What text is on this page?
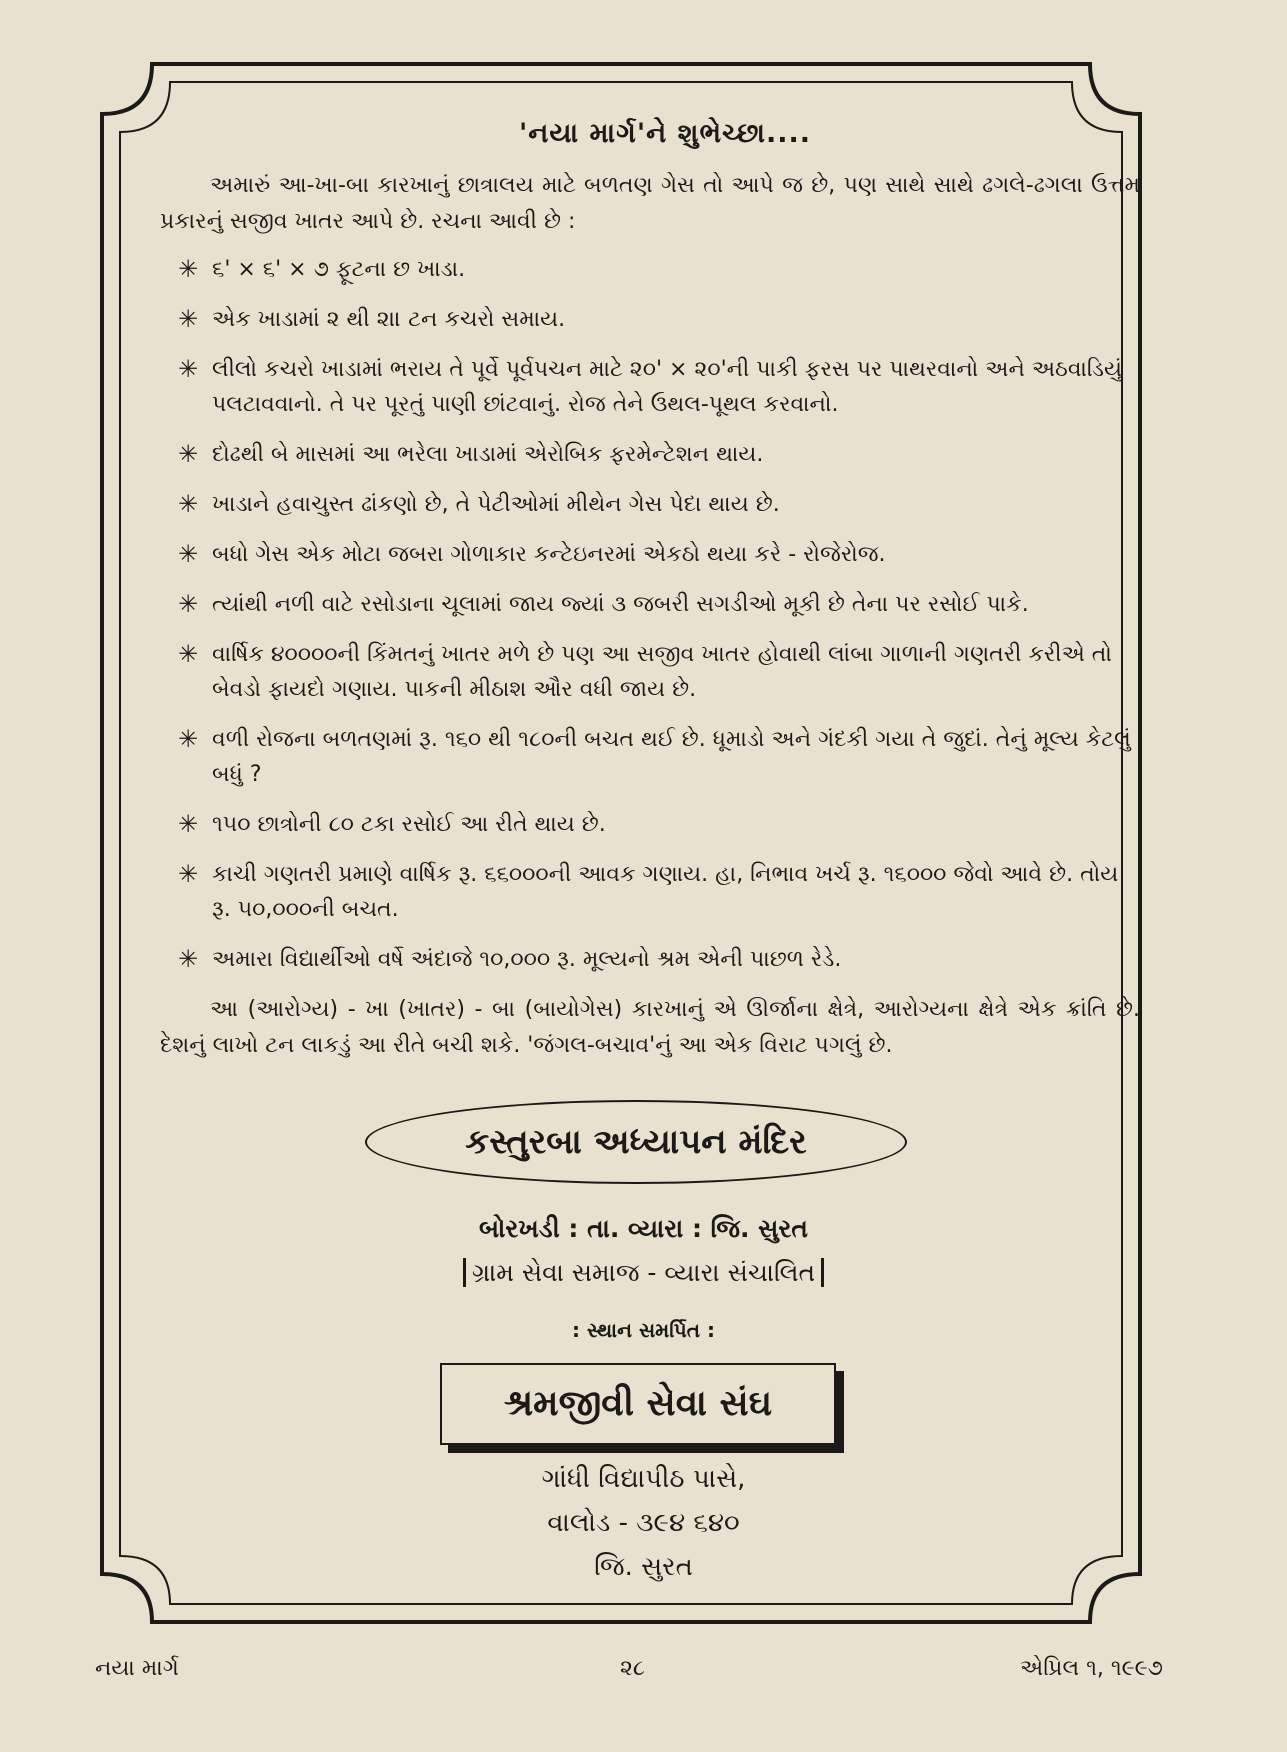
'નયા માર્ગ'ને શુભેચ્છા....

અમારું આ-ખા-બા કારખાનું છાત્રાલય માટે બળતણ ગેસ તો આપે જ છે, પણ સાથે સાથે ઢગલે-ઢગલા ઉત્તમ પ્રકારનું સજીવ ખાતર આપે છે. રચના આવી છે :

✳ ૬' × ૬' × ૭ ફૂટના છ ખાડા.
✳ એક ખાડામાં ૨ થી ૨॥ ટન કચરો સમાય.
✳ લીલો કચરો ખાડામાં ભરાય તે પૂર્વે પૂર્વપચન માટે ૨૦' × ૨૦'ની પાકી ફરસ પર પાથરવાનો અને અઠવાડિયું પલટાવવાનો. તે પર પૂરતું પાણી છાંટવાનું. રોજ તેને ઉથલ-પૂથલ કરવાનો.
✳ દોઢથી બે માસમાં આ ભરેલા ખાડામાં એરોબિક ફરમેન્ટેશન થાય.
✳ ખાડાને હવાચુસ્ત ઢાંકણો છે, તે પેટીઓમાં મીથેન ગેસ પેદા થાય છે.
✳ બધો ગેસ એક મોટા જબરા ગોળાકાર કન્ટેઇનરમાં એકઠો થયા કરે - રોજેરોજ.
✳ ત્યાંથી નળી વાટે રસોડાના ચૂલામાં જાય જ્યાં ૩ જબરી સગડીઓ મૂકી છે તેના પર રસોઈ પાકે.
✳ વાર્ષિક ૪૦૦૦૦ની કિંમતનું ખાતર મળે છે પણ આ સજીવ ખાતર હોવાથી લાંબા ગાળાની ગણતરી કરીએ તો બેવડો ફાયદો ગણાય. પાકની મીઠાશ ઔર વધી જાય છે.
✳ વળી રોજના બળતણમાં રૂ. ૧૬૦ થી ૧૮૦ની બચત થઈ છે. ધૂમાડો અને ગંદકી ગયા તે જુદાં. તેનું મૂલ્ય કેટલું બધું ?
✳ ૧૫૦ છાત્રોની ૮૦ ટકા રસોઈ આ રીતે થાય છે.
✳ કાચી ગણતરી પ્રમાણે વાર્ષિક રૂ. ૬૬૦૦૦ની આવક ગણાય. હા, નિભાવ ખર્ચ રૂ. ૧૬૦૦૦ જેવો આવે છે. તોય રૂ. ૫૦,૦૦૦ની બચત.
✳ અમારા વિદ્યાર્થીઓ વર્ષે અંદાજે ૧૦,૦૦૦ રૂ. મૂલ્યનો શ્રમ એની પાછળ રેડે.

આ (આરોગ્ય) - ખા (ખાતર) - બા (બાયોગેસ) કારખાનું એ ઊર્જાના ક્ષેત્રે, આરોગ્યના ક્ષેત્રે એક ક્રાંતિ છે. દેશનું લાખો ટન લાકડું આ રીતે બચી શકે. 'જંગલ-બચાવ'નું આ એક વિરાટ પગલું છે.

કસ્તુરબા અધ્યાપન મંદિર
બોરખડી : તા. વ્યારા : જિ. સુરત
ગ્રામ સેવા સમાજ - વ્યારા સંચાલિત
: સ્થાન સમર્પિત :
શ્રમજીવી સેવા સંઘ
ગાંધી વિદ્યાપીઠ પાસે,
વાલોડ - ૩૯૪ ૬૪૦
જિ. સુરત
નયા માર્ગ	૨૮	એપ્રિલ ૧, ૧૯૯૭
